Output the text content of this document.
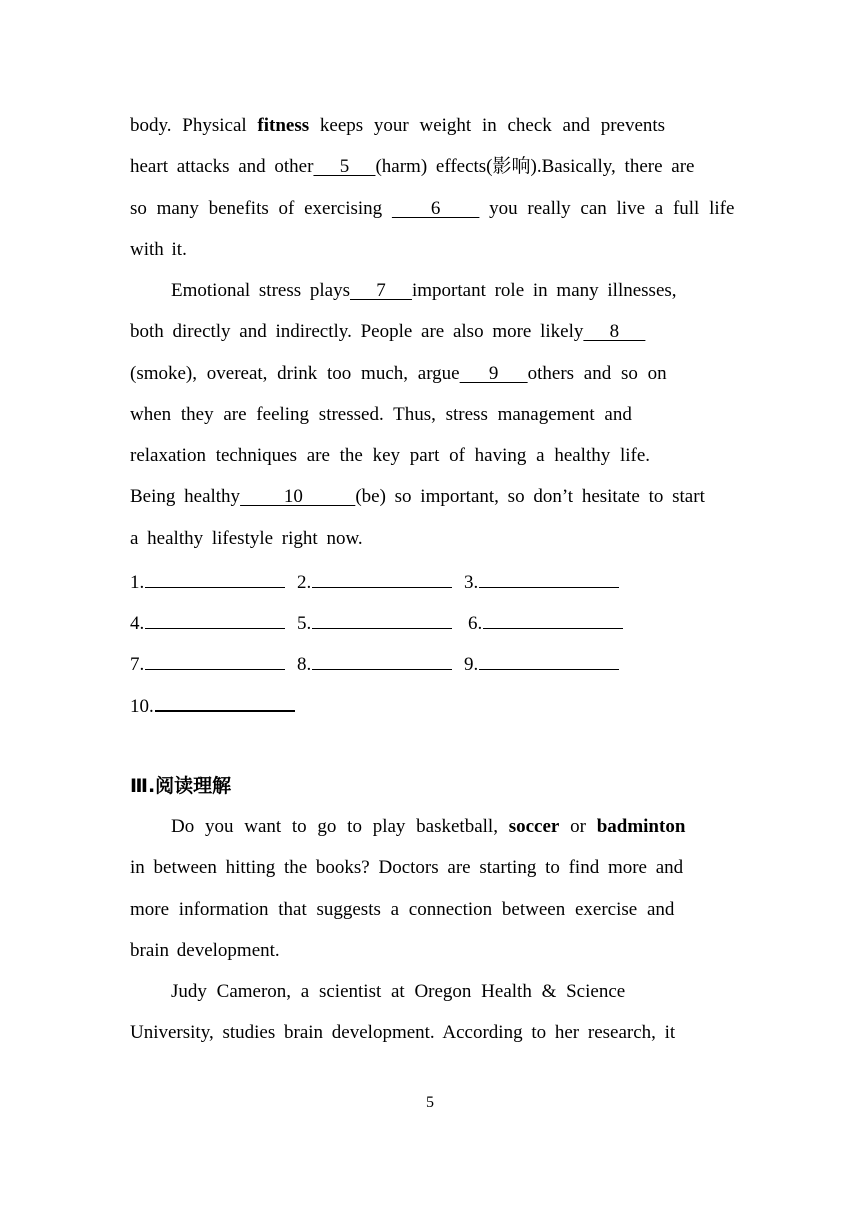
body. Physical fitness keeps your weight in check and prevents
heart attacks and other   5   (harm) effects(影响).Basically, there are
so many benefits of exercising     6     you really can live a full life
with it.
Emotional stress plays   7   important role in many illnesses,
both directly and indirectly. People are also more likely   8
(smoke), overeat, drink too much, argue   9   others and so on
when they are feeling stressed. Thus, stress management and
relaxation techniques are the key part of having a healthy life.
Being healthy     10      (be) so important, so don’t hesitate to start
a healthy lifestyle right now.
1.	2.	3.
4.	5.	6.
7.	8.	9.
10.
Ⅲ.阅读理解
Do you want to go to play basketball, soccer or badminton
in between hitting the books? Doctors are starting to find more and
more information that suggests a connection between exercise and
brain development.
Judy Cameron, a scientist at Oregon Health & Science
University, studies brain development. According to her research, it
5
